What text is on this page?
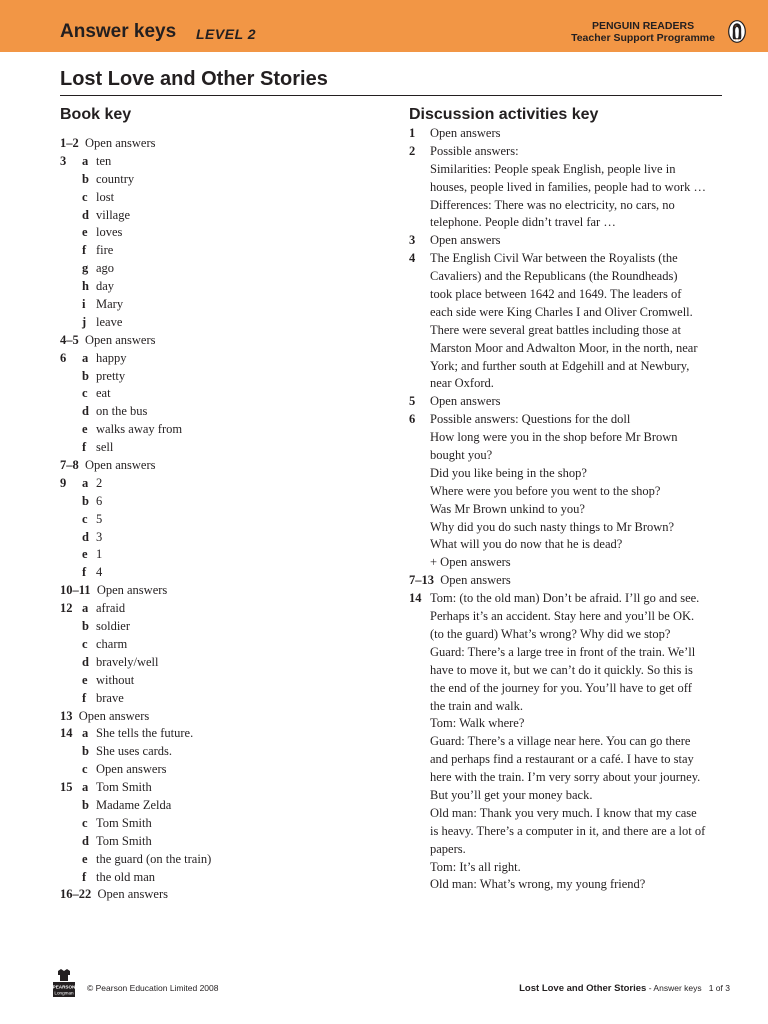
Answer keys LEVEL 2	PENGUIN READERS
Teacher Support Programme
Lost Love and Other Stories
Book key	Discussion activities key
1–2 Open answers
3 a ten
b country
c lost
d village
e loves
f fire
g ago
h day
i Mary
j leave
4–5 Open answers
6 a happy
b pretty
c eat
d on the bus
e walks away from
f sell
7–8 Open answers
9 a 2
b 6
c 5
d 3
e 1
f 4
10–11 Open answers
12 a afraid
b soldier
c charm
d bravely/well
e without
f brave
13 Open answers
14 a She tells the future.
b She uses cards.
c Open answers
15 a Tom Smith
b Madame Zelda
c Tom Smith
d Tom Smith
e the guard (on the train)
f the old man
16–22 Open answers
1 Open answers
2 Possible answers:
Similarities: People speak English, people live in
houses, people lived in families, people had to work …
Differences: There was no electricity, no cars, no
telephone. People didn’t travel far …
3 Open answers
4 The English Civil War between the Royalists (the
Cavaliers) and the Republicans (the Roundheads)
took place between 1642 and 1649. The leaders of
each side were King Charles I and Oliver Cromwell.
There were several great battles including those at
Marston Moor and Adwalton Moor, in the north, near
York; and further south at Edgehill and at Newbury,
near Oxford.
5 Open answers
6 Possible answers: Questions for the doll
How long were you in the shop before Mr Brown
bought you?
Did you like being in the shop?
Where were you before you went to the shop?
Was Mr Brown unkind to you?
Why did you do such nasty things to Mr Brown?
What will you do now that he is dead?
+ Open answers
7–13 Open answers
14 Tom: (to the old man) Don’t be afraid. I’ll go and see.
Perhaps it’s an accident. Stay here and you’ll be OK.
(to the guard) What’s wrong? Why did we stop?
Guard: There’s a large tree in front of the train. We’ll
have to move it, but we can’t do it quickly. So this is
the end of the journey for you. You’ll have to get off
the train and walk.
Tom: Walk where?
Guard: There’s a village near here. You can go there
and perhaps find a restaurant or a café. I have to stay
here with the train. I’m very sorry about your journey.
But you’ll get your money back.
Old man: Thank you very much. I know that my case
is heavy. There’s a computer in it, and there are a lot of
papers.
Tom: It’s all right.
Old man: What’s wrong, my young friend?
PEARSON
Longman © Pearson Education Limited 2008	Lost Love and Other Stories - Answer keys 1 of 3
